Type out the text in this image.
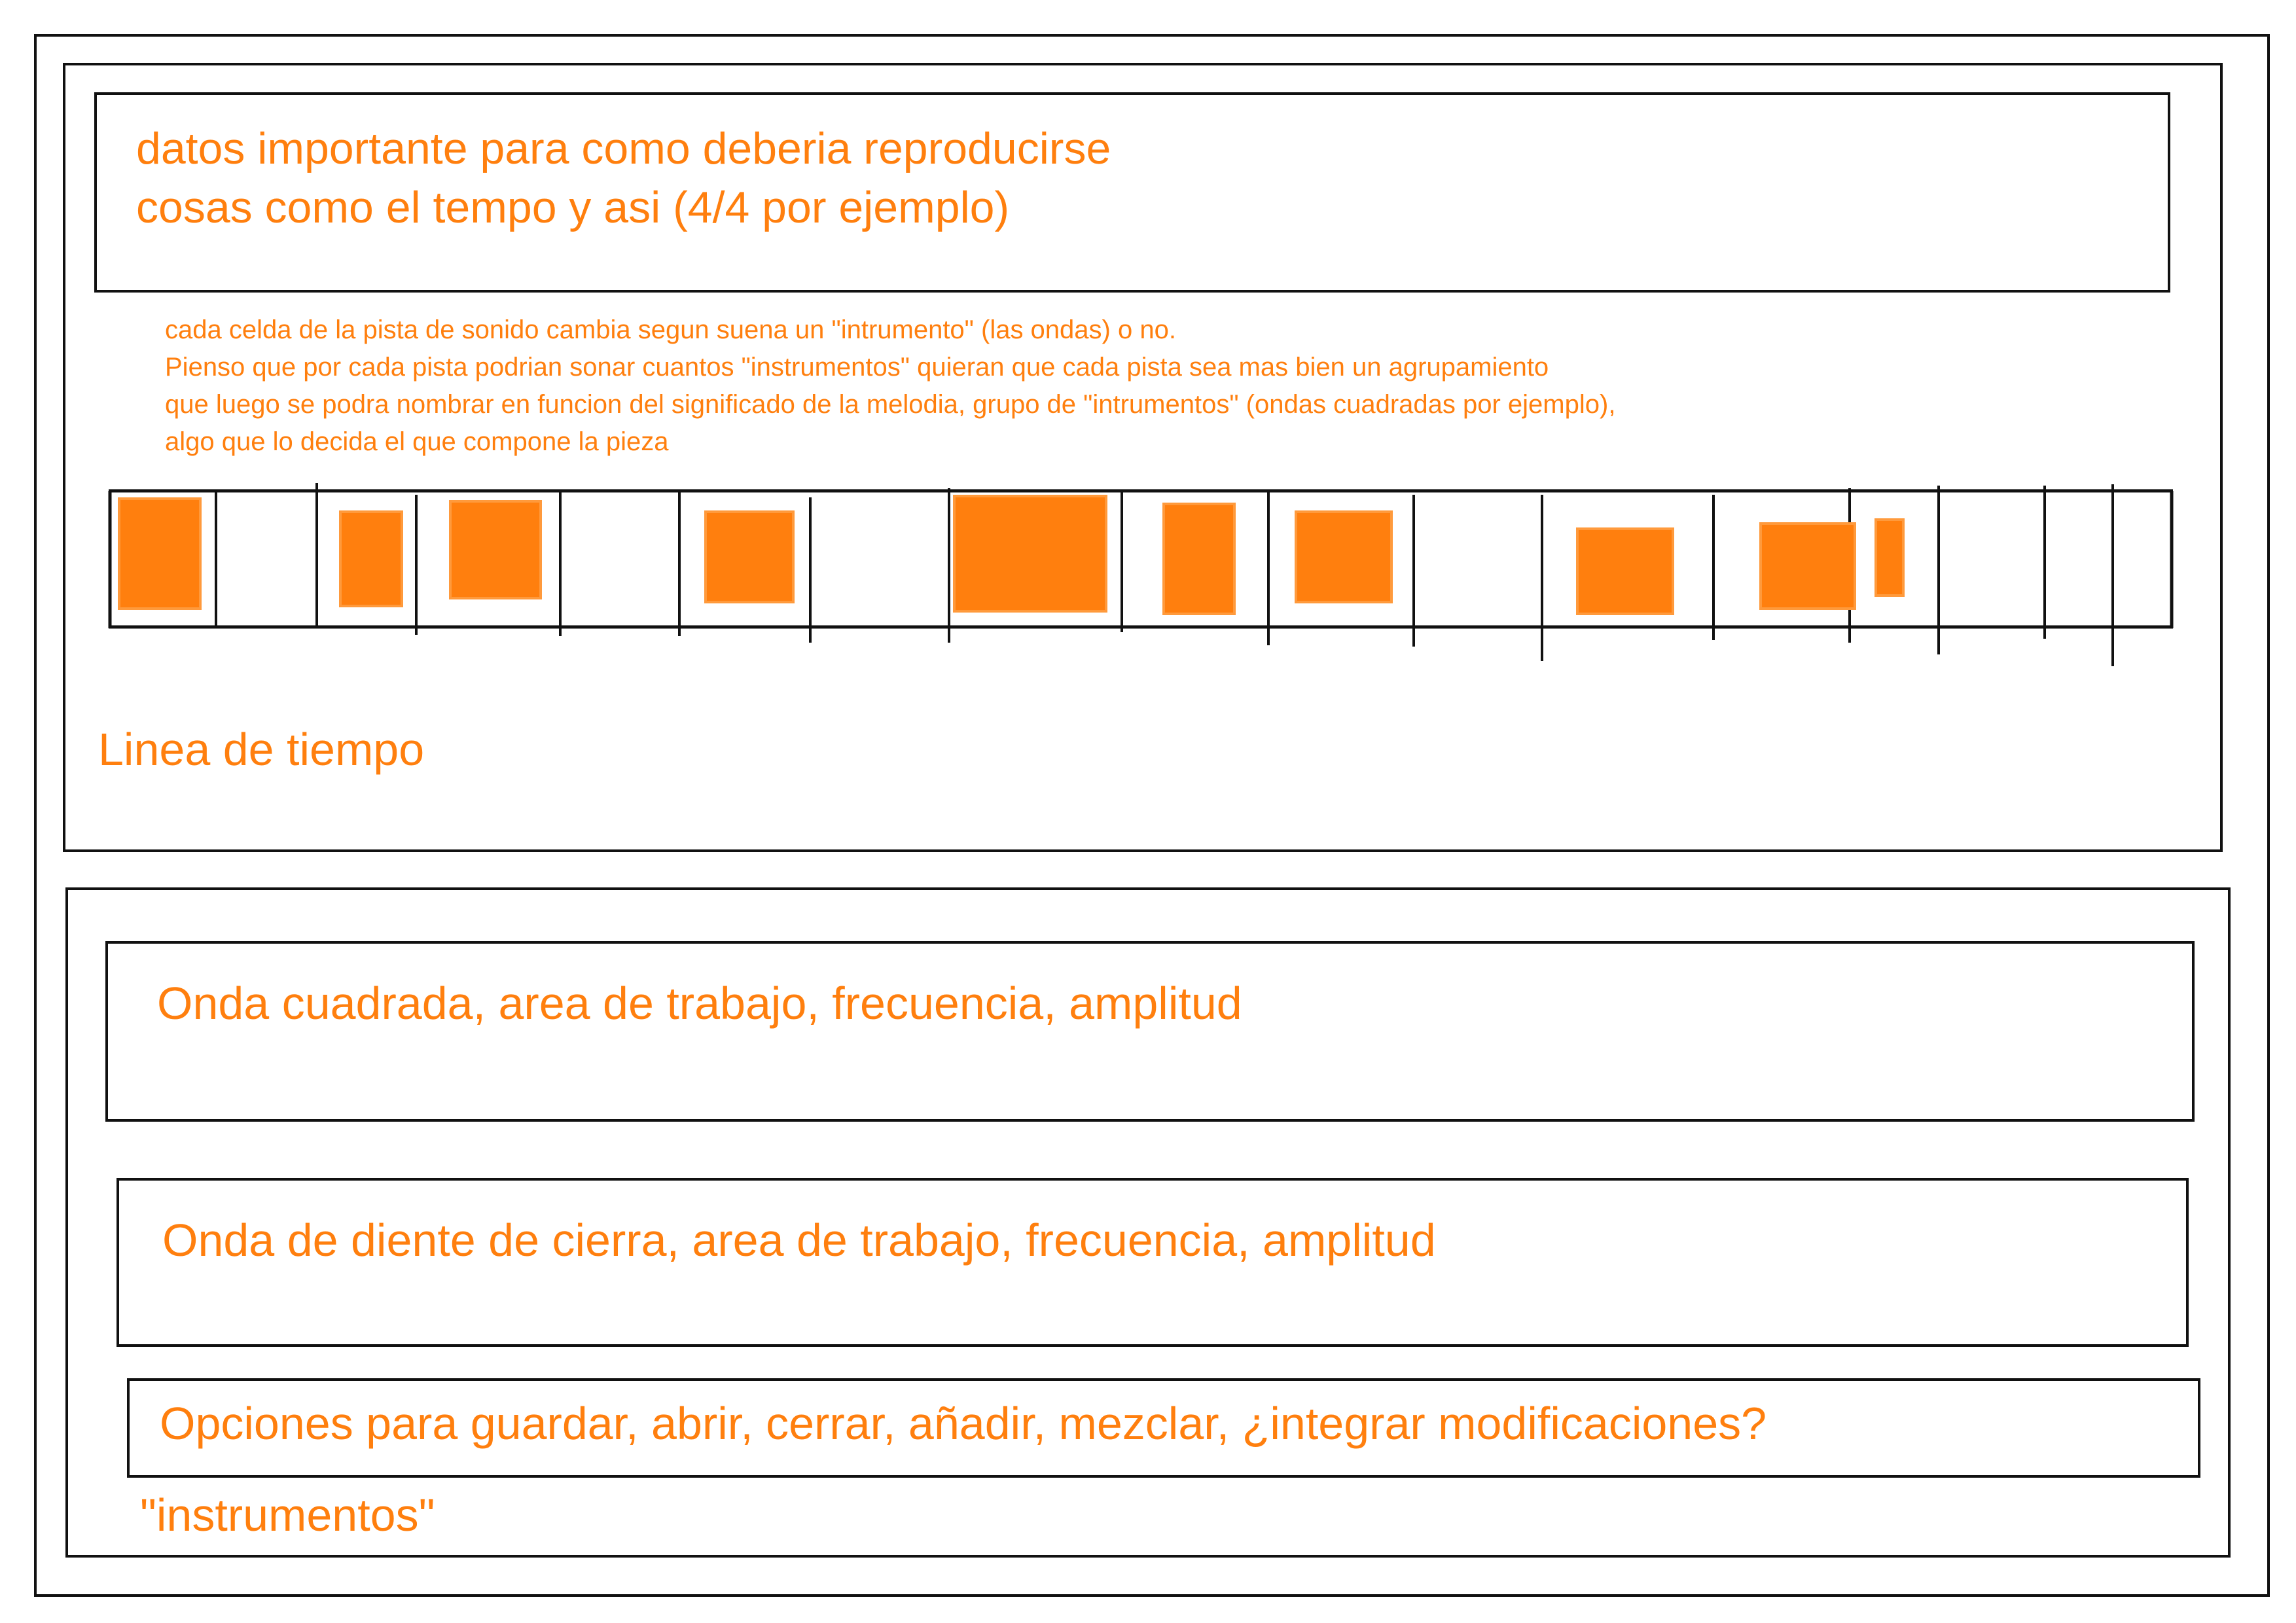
datos importante para como deberia reproducirse
cosas como el tempo y asi (4/4 por ejemplo)
cada celda de la pista de sonido cambia segun suena un "intrumento" (las ondas) o no.
Pienso que por cada pista podrian sonar cuantos "instrumentos" quieran que cada pista sea mas bien un agrupamiento
que luego se podra nombrar en funcion del significado de la melodia, grupo de "intrumentos" (ondas cuadradas por ejemplo),
algo que lo decida el que compone la pieza
Linea de tiempo
Onda cuadrada, area de trabajo, frecuencia, amplitud
Onda de diente de cierra, area de trabajo, frecuencia, amplitud
Opciones para guardar, abrir, cerrar, añadir, mezclar, ¿integrar modificaciones?
"instrumentos"
